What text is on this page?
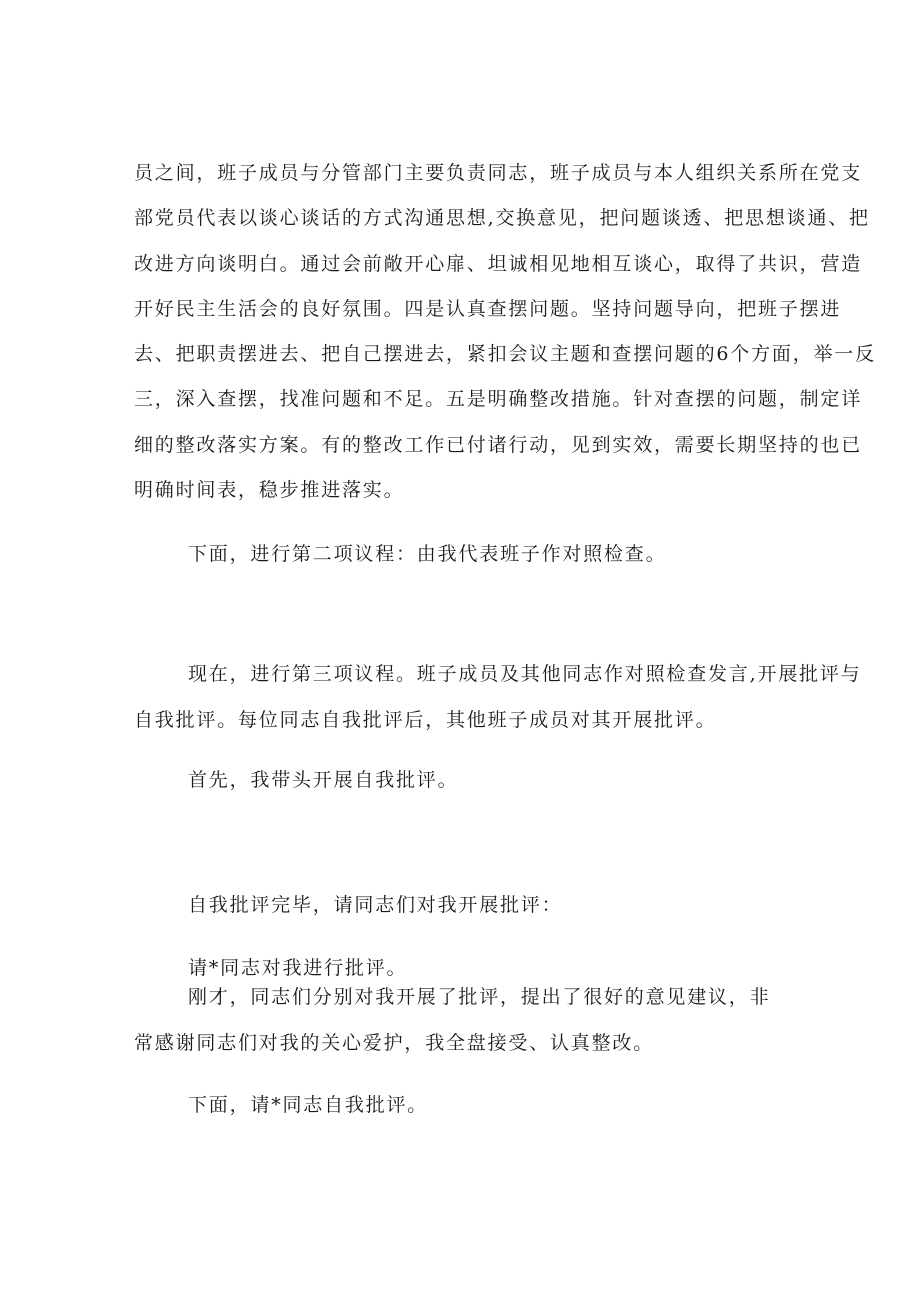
员之间，班子成员与分管部门主要负责同志，班子成员与本人组织关系所在党支
部党员代表以谈心谈话的方式沟通思想,交换意见，把问题谈透、把思想谈通、把
改进方向谈明白。通过会前敞开心扉、坦诚相见地相互谈心，取得了共识，营造
开好民主生活会的良好氛围。四是认真查摆问题。坚持问题导向，把班子摆进
去、把职责摆进去、把自己摆进去，紧扣会议主题和查摆问题的6个方面，举一反
三，深入查摆，找准问题和不足。五是明确整改措施。针对查摆的问题，制定详
细的整改落实方案。有的整改工作已付诸行动，见到实效，需要长期坚持的也已
明确时间表，稳步推进落实。
下面，进行第二项议程：由我代表班子作对照检查。
现在，进行第三项议程。班子成员及其他同志作对照检查发言,开展批评与
自我批评。每位同志自我批评后，其他班子成员对其开展批评。
首先，我带头开展自我批评。
自我批评完毕，请同志们对我开展批评：
请*同志对我进行批评。
刚才，同志们分别对我开展了批评，提出了很好的意见建议，非
常感谢同志们对我的关心爱护，我全盘接受、认真整改。
下面，请*同志自我批评。
